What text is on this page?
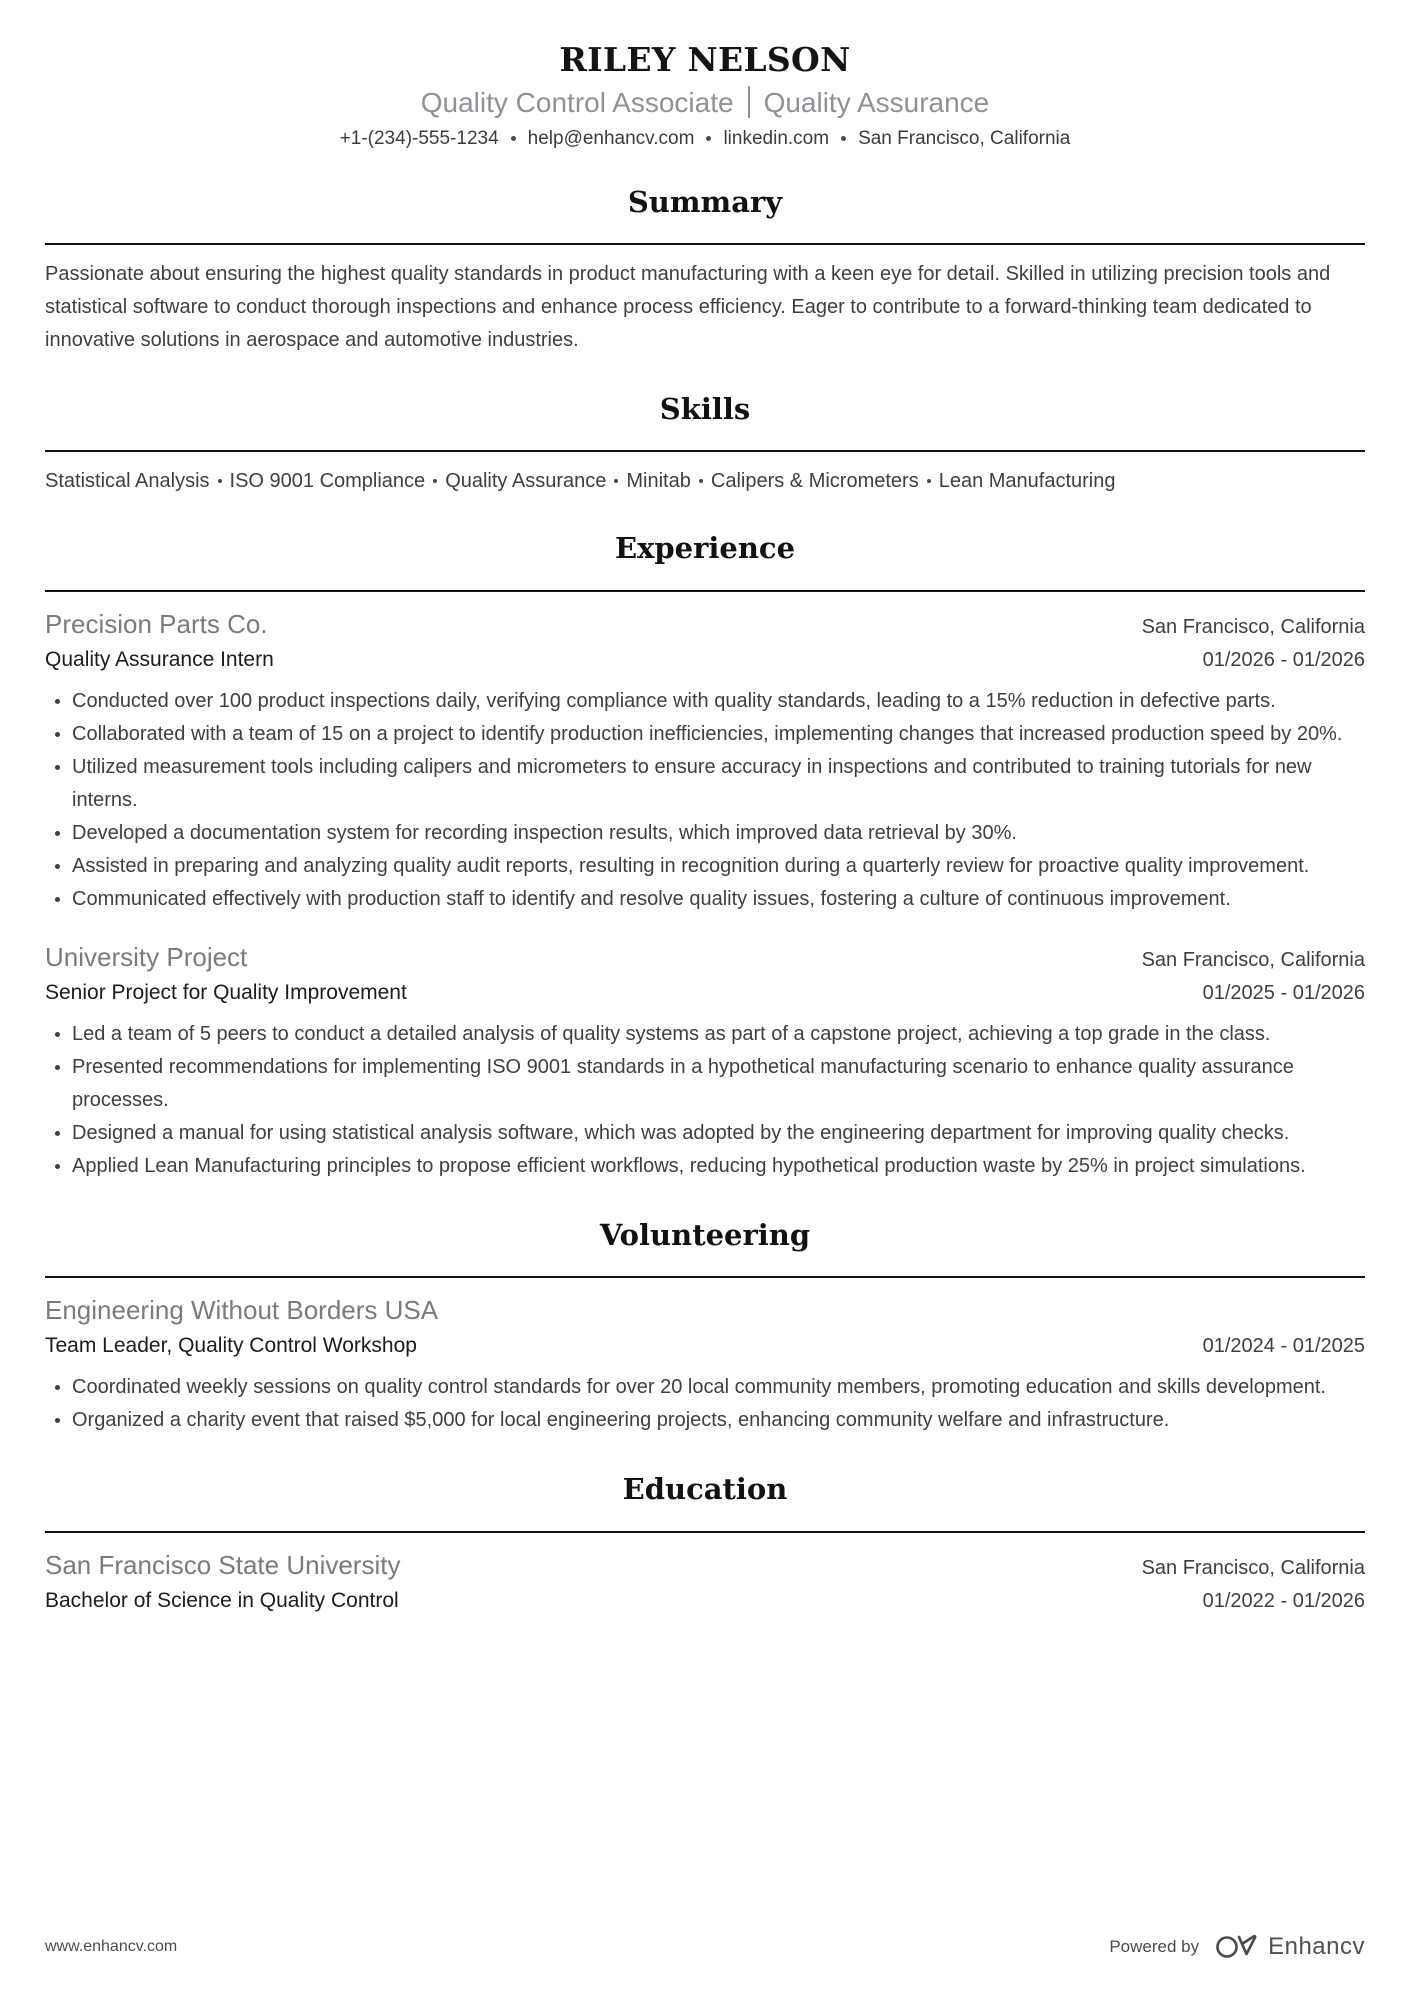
RILEY NELSON
Quality Control Associate Quality Assurance
+1-(234)-555-1234 help@enhancv.com linkedin.com San Francisco, California
Summary

Passionate about ensuring the highest quality standards in product manufacturing with a keen eye for detail. Skilled in utilizing precision tools and statistical software to conduct thorough inspections and enhance process efficiency. Eager to contribute to a forward-thinking team dedicated to innovative solutions in aerospace and automotive industries.

Skills
Statistical Analysis ISO 9001 Compliance Quality Assurance Minitab Calipers & Micrometers Lean Manufacturing
Experience
Precision Parts Co.	San Francisco, California
Quality Assurance Intern	01/2026 - 01/2026
Conducted over 100 product inspections daily, verifying compliance with quality standards, leading to a 15% reduction in defective parts.
Collaborated with a team of 15 on a project to identify production inefficiencies, implementing changes that increased production speed by 20%.
Utilized measurement tools including calipers and micrometers to ensure accuracy in inspections and contributed to training tutorials for new interns.
Developed a documentation system for recording inspection results, which improved data retrieval by 30%.
Assisted in preparing and analyzing quality audit reports, resulting in recognition during a quarterly review for proactive quality improvement.
Communicated effectively with production staff to identify and resolve quality issues, fostering a culture of continuous improvement.
University Project	San Francisco, California
Senior Project for Quality Improvement	01/2025 - 01/2026
Led a team of 5 peers to conduct a detailed analysis of quality systems as part of a capstone project, achieving a top grade in the class.
Presented recommendations for implementing ISO 9001 standards in a hypothetical manufacturing scenario to enhance quality assurance processes.
Designed a manual for using statistical analysis software, which was adopted by the engineering department for improving quality checks.
Applied Lean Manufacturing principles to propose efficient workflows, reducing hypothetical production waste by 25% in project simulations.
Volunteering
Engineering Without Borders USA
Team Leader, Quality Control Workshop	01/2024 - 01/2025
Coordinated weekly sessions on quality control standards for over 20 local community members, promoting education and skills development.
Organized a charity event that raised $5,000 for local engineering projects, enhancing community welfare and infrastructure.
Education
San Francisco State University	San Francisco, California
Bachelor of Science in Quality Control	01/2022 - 01/2026
www.enhancv.com	Powered by	Enhancv
